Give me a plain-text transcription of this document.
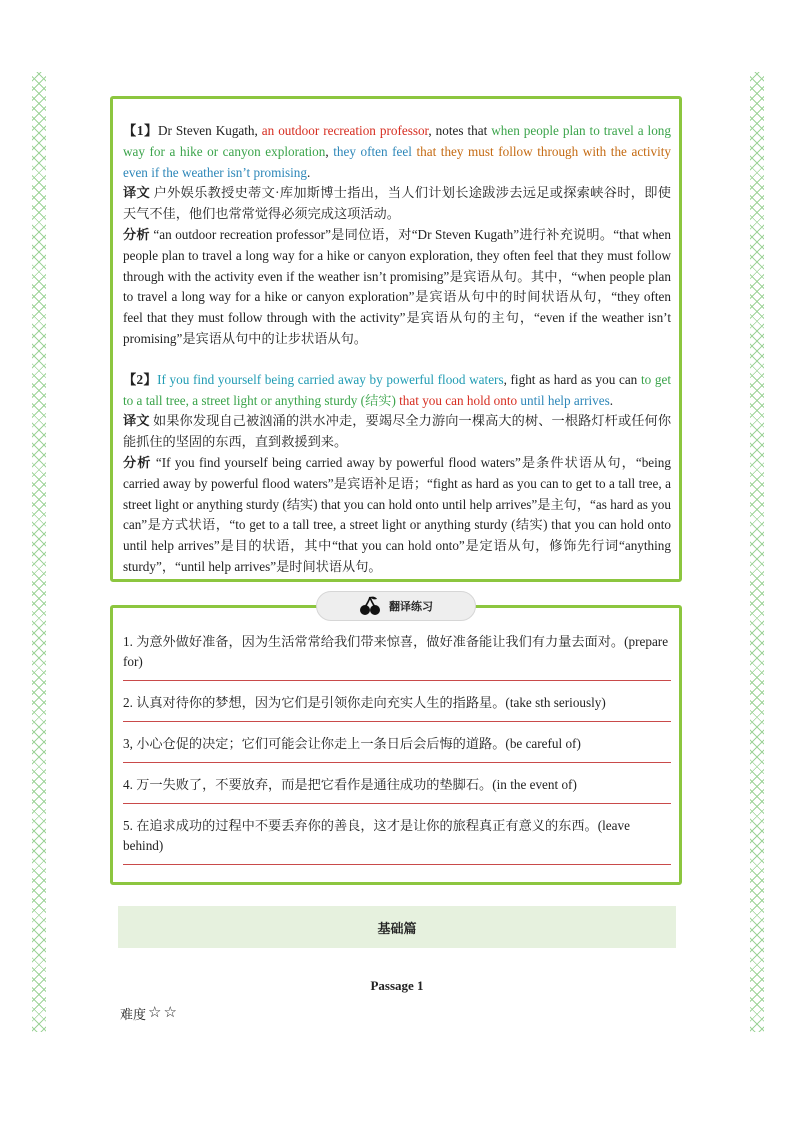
【1】Dr Steven Kugath, an outdoor recreation professor, notes that when people plan to travel a long way for a hike or canyon exploration, they often feel that they must follow through with the activity even if the weather isn’t promising.

译文 户外娱乐教授史蒂文·库加斯博士指出，当人们计划长途跋涉去远足或探索峡谷时，即使天气不佳，他们也常常觉得必须完成这项活动。

分析 “an outdoor recreation professor”是同位语，对“Dr Steven Kugath”进行补充说明。“that when people plan to travel a long way for a hike or canyon exploration, they often feel that they must follow through with the activity even if the weather isn’t promising”是宾语从句。其中，“when people plan to travel a long way for a hike or canyon exploration”是宾语从句中的时间状语从句，“they often feel that they must follow through with the activity”是宾语从句的主句，“even if the weather isn’t promising”是宾语从句中的让步状语从句。

【2】If you find yourself being carried away by powerful flood waters, fight as hard as you can to get to a tall tree, a street light or anything sturdy (结实) that you can hold onto until help arrives.

译文 如果你发现自己被汹涌的洪水冲走，要竭尽全力游向一棵高大的树、一根路灯杆或任何你能抓住的坚固的东西，直到救援到来。

分析 “If you find yourself being carried away by powerful flood waters”是条件状语从句，“being carried away by powerful flood waters”是宾语补足语；“fight as hard as you can to get to a tall tree, a street light or anything sturdy (结实) that you can hold onto until help arrives”是主句，“as hard as you can”是方式状语，“to get to a tall tree, a street light or anything sturdy (结实) that you can hold onto until help arrives”是目的状语，其中“that you can hold onto”是定语从句，修饰先行词“anything sturdy”，“until help arrives”是时间状语从句。

1. 为意外做好准备，因为生活常常给我们带来惊喜，做好准备能让我们有力量去面对。(prepare for)
2. 认真对待你的梦想，因为它们是引领你走向充实人生的指路星。(take sth seriously)
3, 小心仓促的决定；它们可能会让你走上一条日后会后悔的道路。(be careful of)
4. 万一失败了，不要放弃，而是把它看作是通往成功的垫脚石。(in the event of)
5. 在追求成功的过程中不要丢弃你的善良，这才是让你的旅程真正有意义的东西。(leave behind)
翻译练习
基础篇
Passage 1
难度 ☆ ☆
